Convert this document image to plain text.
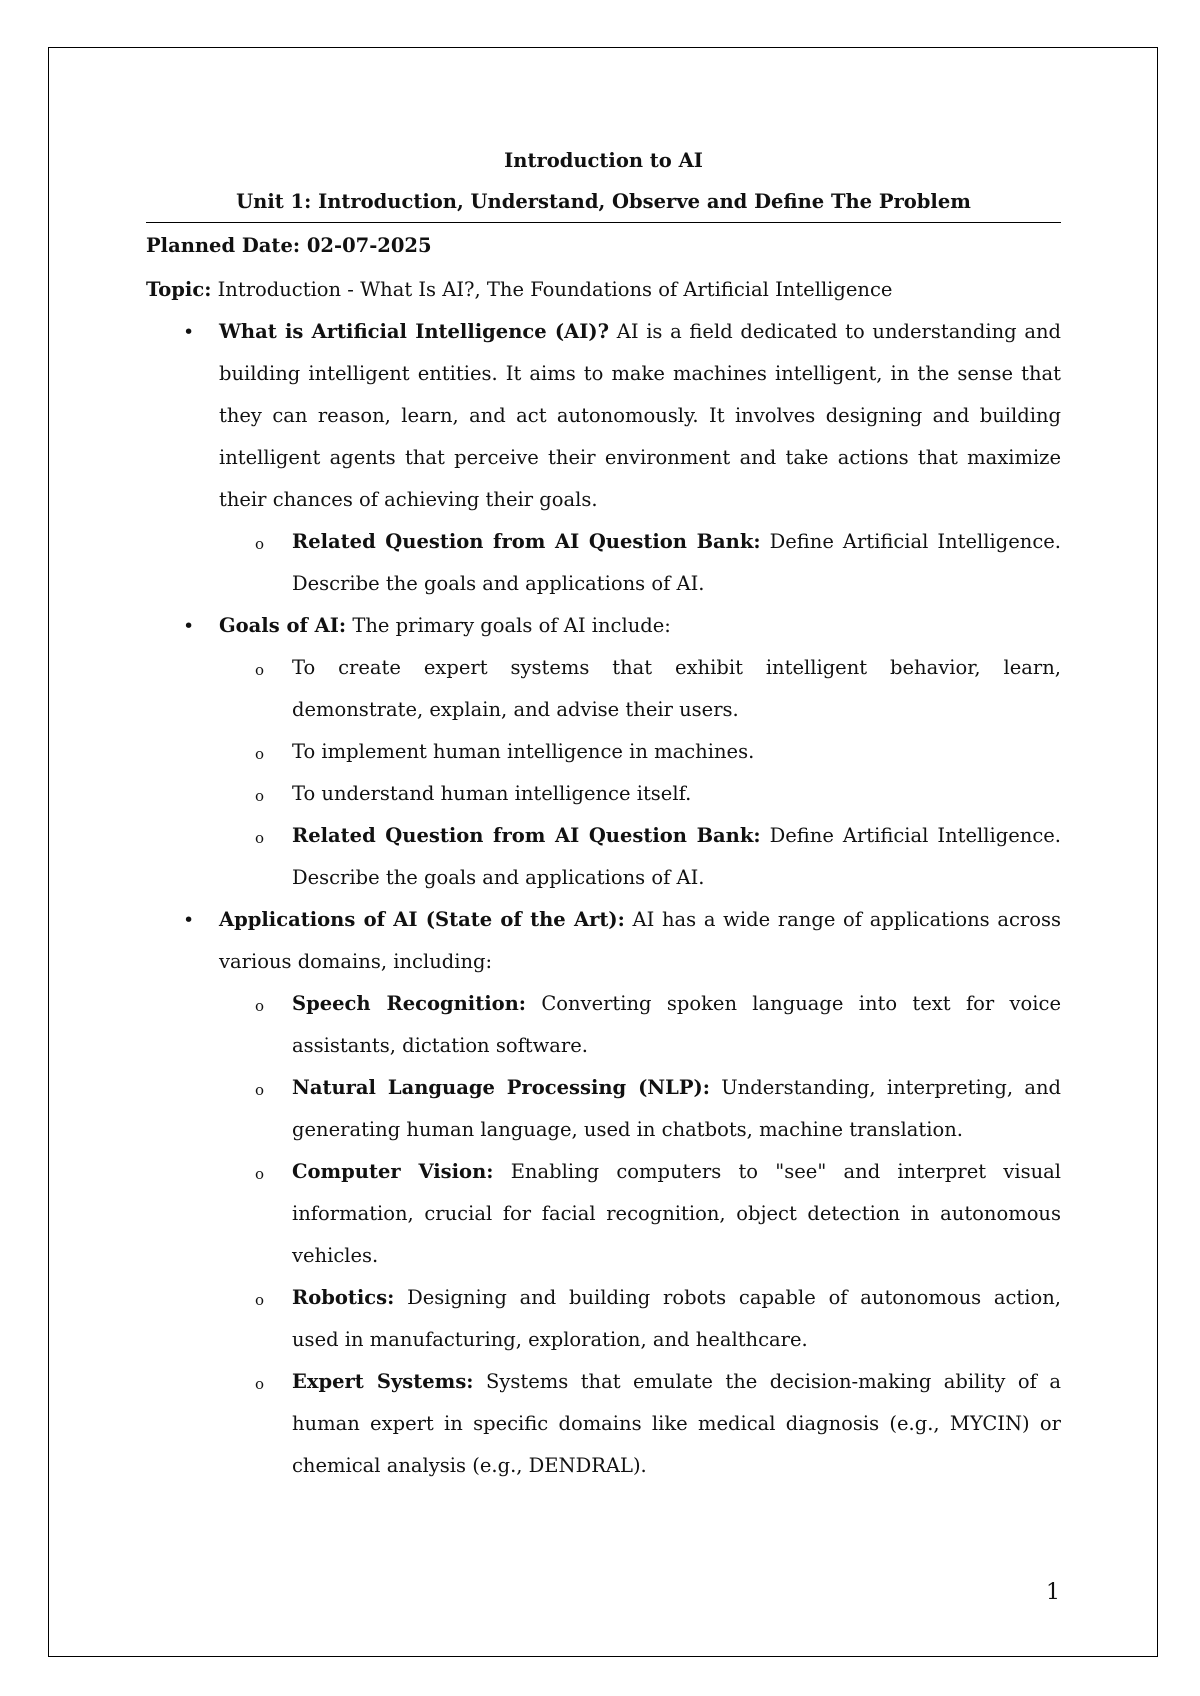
Introduction to AI
Unit 1: Introduction, Understand, Observe and Define The Problem
Planned Date: 02-07-2025
Topic: Introduction - What Is AI?, The Foundations of Artificial Intelligence
• What is Artificial Intelligence (AI)? AI is a field dedicated to understanding and building intelligent entities. It aims to make machines intelligent, in the sense that they can reason, learn, and act autonomously. It involves designing and building intelligent agents that perceive their environment and take actions that maximize their chances of achieving their goals.
o Related Question from AI Question Bank: Define Artificial Intelligence. Describe the goals and applications of AI.
• Goals of AI: The primary goals of AI include:
o To create expert systems that exhibit intelligent behavior, learn, demonstrate, explain, and advise their users.
o To implement human intelligence in machines.
o To understand human intelligence itself.
o Related Question from AI Question Bank: Define Artificial Intelligence. Describe the goals and applications of AI.
• Applications of AI (State of the Art): AI has a wide range of applications across various domains, including:
o Speech Recognition: Converting spoken language into text for voice assistants, dictation software.
o Natural Language Processing (NLP): Understanding, interpreting, and generating human language, used in chatbots, machine translation.
o Computer Vision: Enabling computers to "see" and interpret visual information, crucial for facial recognition, object detection in autonomous vehicles.
o Robotics: Designing and building robots capable of autonomous action, used in manufacturing, exploration, and healthcare.
o Expert Systems: Systems that emulate the decision-making ability of a human expert in specific domains like medical diagnosis (e.g., MYCIN) or chemical analysis (e.g., DENDRAL).
1
